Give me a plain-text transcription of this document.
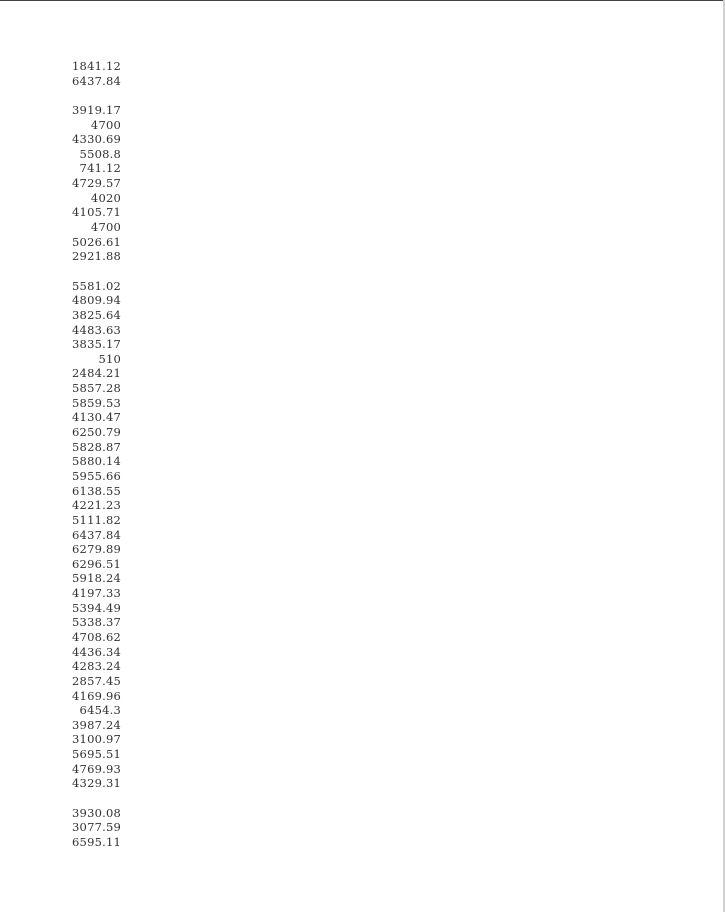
1841.12
6437.84
3919.17
4700
4330.69
5508.8
741.12
4729.57
4020
4105.71
4700
5026.61
2921.88
5581.02
4809.94
3825.64
4483.63
3835.17
510
2484.21
5857.28
5859.53
4130.47
6250.79
5828.87
5880.14
5955.66
6138.55
4221.23
5111.82
6437.84
6279.89
6296.51
5918.24
4197.33
5394.49
5338.37
4708.62
4436.34
4283.24
2857.45
4169.96
6454.3
3987.24
3100.97
5695.51
4769.93
4329.31
3930.08
3077.59
6595.11
